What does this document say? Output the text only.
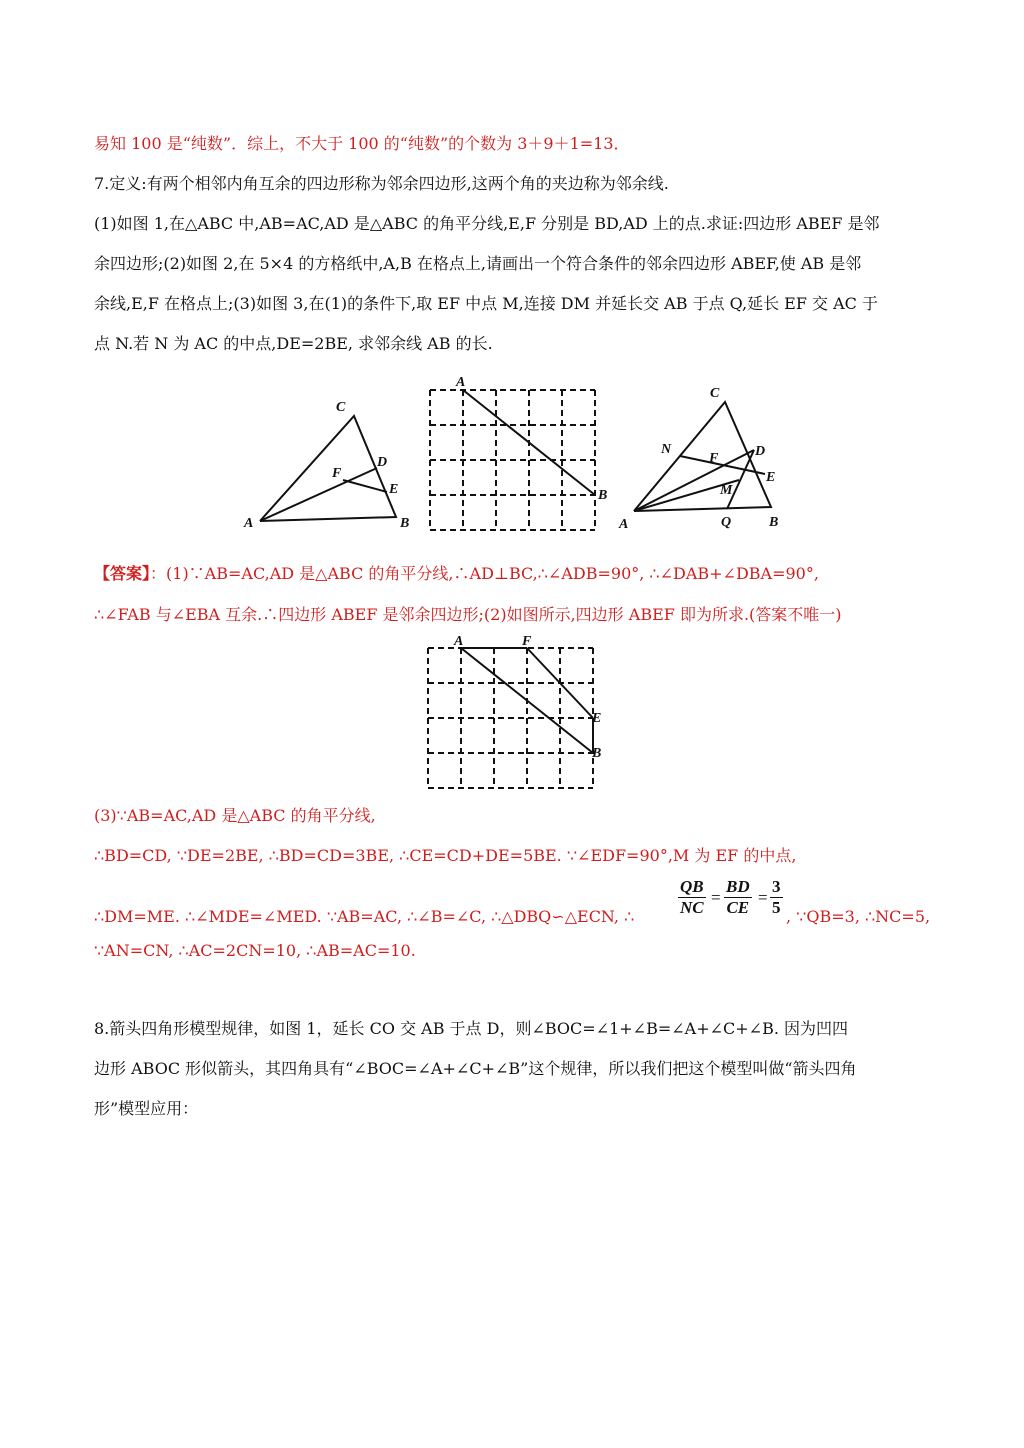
易知 100 是“纯数”．综上，不大于 100 的“纯数”的个数为 3＋9＋1=13．
7.定义:有两个相邻内角互余的四边形称为邻余四边形,这两个角的夹边称为邻余线.
(1)如图 1,在△ABC 中,AB=AC,AD 是△ABC 的角平分线,E,F 分别是 BD,AD 上的点.求证:四边形 ABEF 是邻
余四边形;(2)如图 2,在 5×4 的方格纸中,A,B 在格点上,请画出一个符合条件的邻余四边形 ABEF,使 AB 是邻
余线,E,F 在格点上;(3)如图 3,在(1)的条件下,取 EF 中点 M,连接 DM 并延长交 AB 于点 Q,延长 EF 交 AC 于
点 N.若 N 为 AC 的中点,DE=2BE, 求邻余线 AB 的长.
C
D
F
E
A	B
A
B
C
N
F	D
E
M
A	Q	B
【答案】：(1)∵AB=AC,AD 是△ABC 的角平分线,∴AD⊥BC,∴∠ADB=90°, ∴∠DAB+∠DBA=90°,
∴∠FAB 与∠EBA 互余.∴四边形 ABEF 是邻余四边形;(2)如图所示,四边形 ABEF 即为所求.(答案不唯一)
A	F
E
B
(3)∵AB=AC,AD 是△ABC 的角平分线,
∴BD=CD, ∵DE=2BE, ∴BD=CD=3BE, ∴CE=CD+DE=5BE. ∵∠EDF=90°,M 为 EF 的中点,
∴DM=ME. ∴∠MDE=∠MED. ∵AB=AC, ∴∠B=∠C, ∴△DBQ∽△ECN, ∴	$\frac{QB}{NC} = \frac{BD}{CE} = \frac{3}{5}$ , ∵QB=3, ∴NC=5,
∵AN=CN, ∴AC=2CN=10, ∴AB=AC=10.
8.箭头四角形模型规律，如图 1，延长 CO 交 AB 于点 D，则∠BOC=∠1+∠B=∠A+∠C+∠B. 因为凹四
边形 ABOC 形似箭头，其四角具有“∠BOC=∠A+∠C+∠B”这个规律，所以我们把这个模型叫做“箭头四角
形”模型应用：
